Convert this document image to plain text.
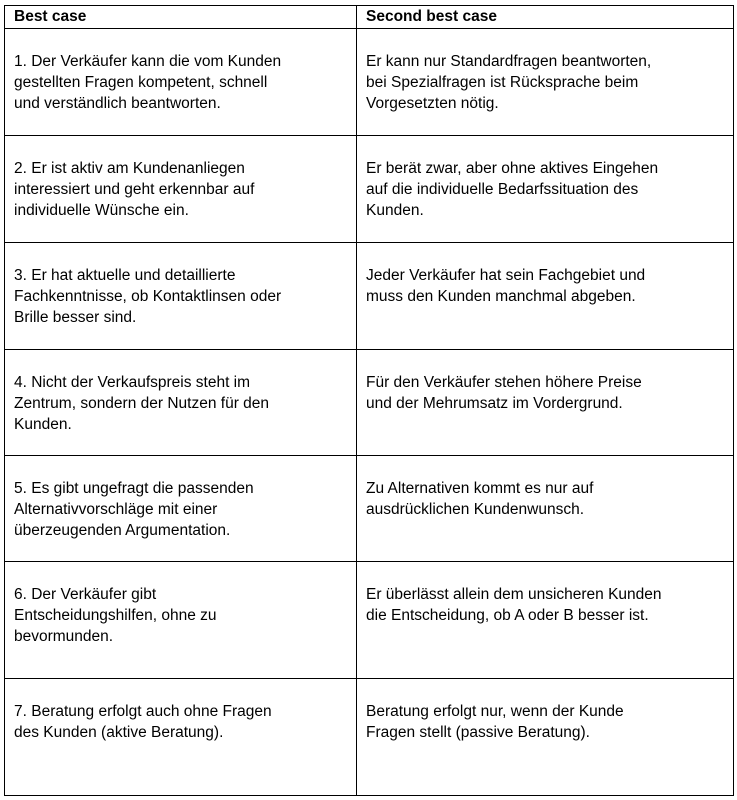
Best case	Second best case
1. Der Verkäufer kann die vom Kunden
gestellten Fragen kompetent, schnell
und verständlich beantworten.	Er kann nur Standardfragen beantworten,
bei Spezialfragen ist Rücksprache beim
Vorgesetzten nötig.
2. Er ist aktiv am Kundenanliegen
interessiert und geht erkennbar auf
individuelle Wünsche ein.	Er berät zwar, aber ohne aktives Eingehen
auf die individuelle Bedarfssituation des
Kunden.
3. Er hat aktuelle und detaillierte
Fachkenntnisse, ob Kontaktlinsen oder
Brille besser sind.	Jeder Verkäufer hat sein Fachgebiet und
muss den Kunden manchmal abgeben.
4. Nicht der Verkaufspreis steht im
Zentrum, sondern der Nutzen für den
Kunden.	Für den Verkäufer stehen höhere Preise
und der Mehrumsatz im Vordergrund.
5. Es gibt ungefragt die passenden
Alternativvorschläge mit einer
überzeugenden Argumentation.	Zu Alternativen kommt es nur auf
ausdrücklichen Kundenwunsch.
6. Der Verkäufer gibt
Entscheidungshilfen, ohne zu
bevormunden.	Er überlässt allein dem unsicheren Kunden
die Entscheidung, ob A oder B besser ist.
7. Beratung erfolgt auch ohne Fragen
des Kunden (aktive Beratung).	Beratung erfolgt nur, wenn der Kunde
Fragen stellt (passive Beratung).
